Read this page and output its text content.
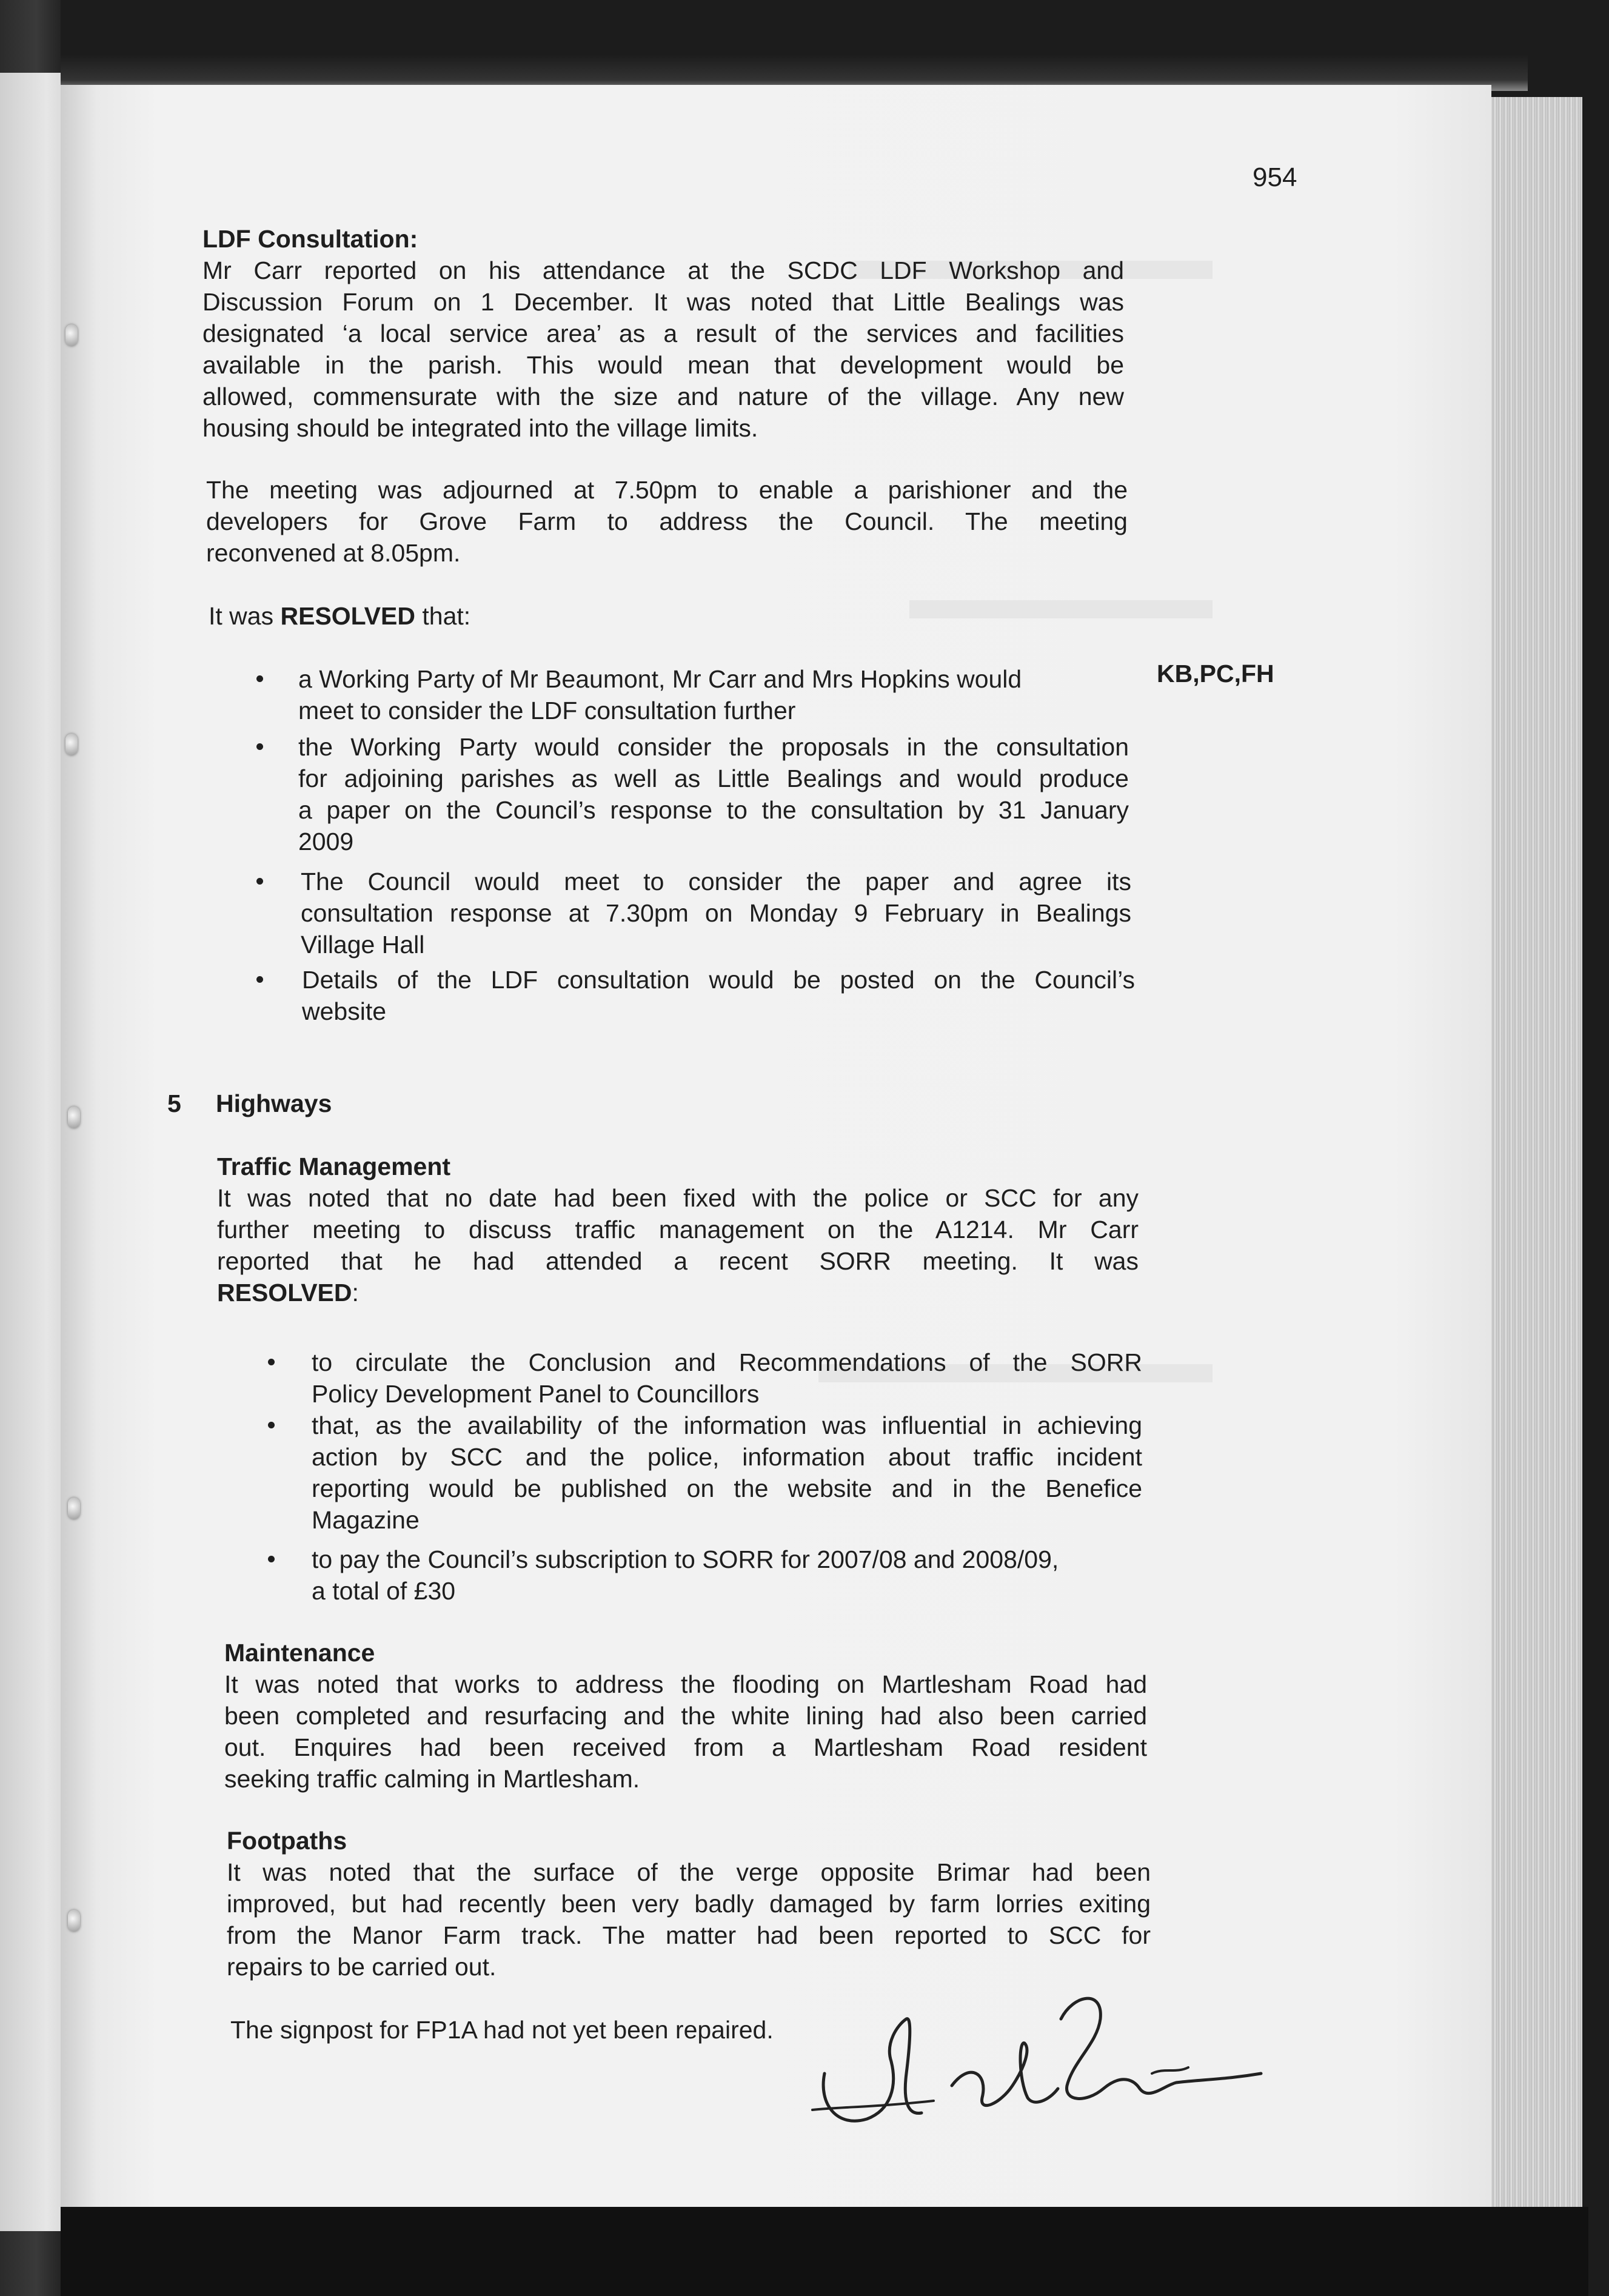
954
LDF Consultation:
Mr Carr reported on his attendance at the SCDC LDF Workshop and
Discussion Forum on 1 December. It was noted that Little Bealings was
designated ‘a local service area’ as a result of the services and facilities
available in the parish. This would mean that development would be
allowed, commensurate with the size and nature of the village. Any new
housing should be integrated into the village limits.
The meeting was adjourned at 7.50pm to enable a parishioner and the
developers for Grove Farm to address the Council. The meeting
reconvened at 8.05pm.
It was RESOLVED that:
KB,PC,FH
a Working Party of Mr Beaumont, Mr Carr and Mrs Hopkins would
meet to consider the LDF consultation further
the Working Party would consider the proposals in the consultation
for adjoining parishes as well as Little Bealings and would produce
a paper on the Council’s response to the consultation by 31 January
2009
The Council would meet to consider the paper and agree its
consultation response at 7.30pm on Monday 9 February in Bealings
Village Hall
Details of the LDF consultation would be posted on the Council’s
website
5 Highways
Traffic Management
It was noted that no date had been fixed with the police or SCC for any
further meeting to discuss traffic management on the A1214. Mr Carr
reported that he had attended a recent SORR meeting. It was
RESOLVED:
to circulate the Conclusion and Recommendations of the SORR
Policy Development Panel to Councillors
that, as the availability of the information was influential in achieving
action by SCC and the police, information about traffic incident
reporting would be published on the website and in the Benefice
Magazine
to pay the Council’s subscription to SORR for 2007/08 and 2008/09,
a total of £30
Maintenance
It was noted that works to address the flooding on Martlesham Road had
been completed and resurfacing and the white lining had also been carried
out. Enquires had been received from a Martlesham Road resident
seeking traffic calming in Martlesham.
Footpaths
It was noted that the surface of the verge opposite Brimar had been
improved, but had recently been very badly damaged by farm lorries exiting
from the Manor Farm track. The matter had been reported to SCC for
repairs to be carried out.
The signpost for FP1A had not yet been repaired.
